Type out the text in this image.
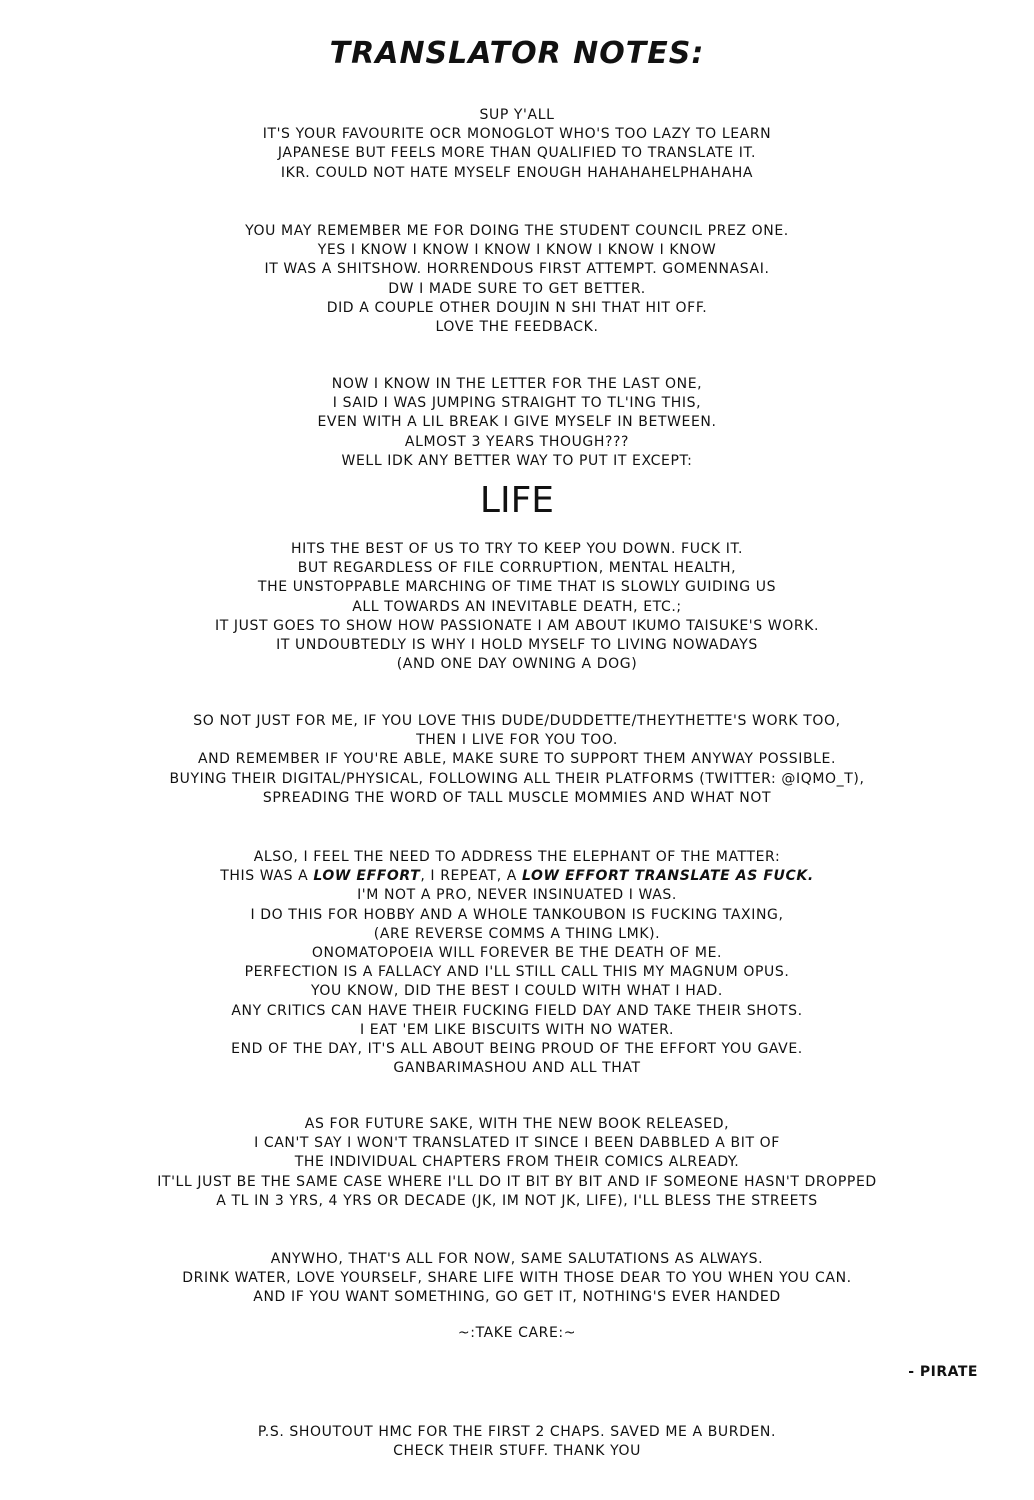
TRANSLATOR NOTES:
SUP Y'ALL
IT'S YOUR FAVOURITE OCR MONOGLOT WHO'S TOO LAZY TO LEARN
JAPANESE BUT FEELS MORE THAN QUALIFIED TO TRANSLATE IT.
IKR. COULD NOT HATE MYSELF ENOUGH HAHAHAHELPHAHAHA
YOU MAY REMEMBER ME FOR DOING THE STUDENT COUNCIL PREZ ONE.
YES I KNOW I KNOW I KNOW I KNOW I KNOW I KNOW
IT WAS A SHITSHOW. HORRENDOUS FIRST ATTEMPT. GOMENNASAI.
DW I MADE SURE TO GET BETTER.
DID A COUPLE OTHER DOUJIN N SHI THAT HIT OFF.
LOVE THE FEEDBACK.
NOW I KNOW IN THE LETTER FOR THE LAST ONE,
I SAID I WAS JUMPING STRAIGHT TO TL'ING THIS,
EVEN WITH A LIL BREAK I GIVE MYSELF IN BETWEEN.
ALMOST 3 YEARS THOUGH???
WELL IDK ANY BETTER WAY TO PUT IT EXCEPT:
LIFE
HITS THE BEST OF US TO TRY TO KEEP YOU DOWN. FUCK IT.
BUT REGARDLESS OF FILE CORRUPTION, MENTAL HEALTH,
THE UNSTOPPABLE MARCHING OF TIME THAT IS SLOWLY GUIDING US
ALL TOWARDS AN INEVITABLE DEATH, ETC.;
IT JUST GOES TO SHOW HOW PASSIONATE I AM ABOUT IKUMO TAISUKE'S WORK.
IT UNDOUBTEDLY IS WHY I HOLD MYSELF TO LIVING NOWADAYS
(AND ONE DAY OWNING A DOG)
SO NOT JUST FOR ME, IF YOU LOVE THIS DUDE/DUDDETTE/THEYTHETTE'S WORK TOO,
THEN I LIVE FOR YOU TOO.
AND REMEMBER IF YOU'RE ABLE, MAKE SURE TO SUPPORT THEM ANYWAY POSSIBLE.
BUYING THEIR DIGITAL/PHYSICAL, FOLLOWING ALL THEIR PLATFORMS (TWITTER: @IQMO_T),
SPREADING THE WORD OF TALL MUSCLE MOMMIES AND WHAT NOT
ALSO, I FEEL THE NEED TO ADDRESS THE ELEPHANT OF THE MATTER:
THIS WAS A LOW EFFORT, I REPEAT, A LOW EFFORT TRANSLATE AS FUCK.
I'M NOT A PRO, NEVER INSINUATED I WAS.
I DO THIS FOR HOBBY AND A WHOLE TANKOUBON IS FUCKING TAXING,
(ARE REVERSE COMMS A THING LMK).
ONOMATOPOEIA WILL FOREVER BE THE DEATH OF ME.
PERFECTION IS A FALLACY AND I'LL STILL CALL THIS MY MAGNUM OPUS.
YOU KNOW, DID THE BEST I COULD WITH WHAT I HAD.
ANY CRITICS CAN HAVE THEIR FUCKING FIELD DAY AND TAKE THEIR SHOTS.
I EAT 'EM LIKE BISCUITS WITH NO WATER.
END OF THE DAY, IT'S ALL ABOUT BEING PROUD OF THE EFFORT YOU GAVE.
GANBARIMASHOU AND ALL THAT
AS FOR FUTURE SAKE, WITH THE NEW BOOK RELEASED,
I CAN'T SAY I WON'T TRANSLATED IT SINCE I BEEN DABBLED A BIT OF
THE INDIVIDUAL CHAPTERS FROM THEIR COMICS ALREADY.
IT'LL JUST BE THE SAME CASE WHERE I'LL DO IT BIT BY BIT AND IF SOMEONE HASN'T DROPPED
A TL IN 3 YRS, 4 YRS OR DECADE (JK, IM NOT JK, LIFE), I'LL BLESS THE STREETS
ANYWHO, THAT'S ALL FOR NOW, SAME SALUTATIONS AS ALWAYS.
DRINK WATER, LOVE YOURSELF, SHARE LIFE WITH THOSE DEAR TO YOU WHEN YOU CAN.
AND IF YOU WANT SOMETHING, GO GET IT, NOTHING'S EVER HANDED
~:TAKE CARE:~
- PIRATE
P.S. SHOUTOUT HMC FOR THE FIRST 2 CHAPS. SAVED ME A BURDEN.
CHECK THEIR STUFF. THANK YOU
